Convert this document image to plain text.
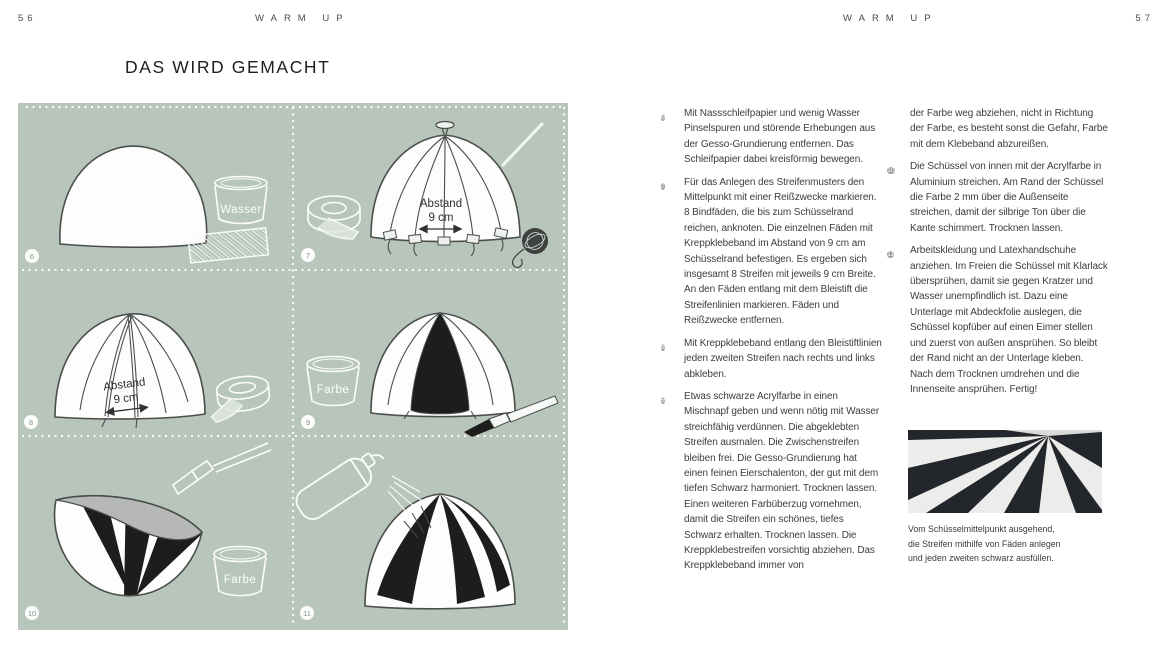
56	WARM UP	WARM UP	57
DAS WIRD GEMACHT
Wasser
6
Abstand
9 cm
7
Abstand
9 cm
8
Farbe
9
Farbe
10	11
6	Mit Nassschleifpapier und wenig Wasser Pinselspuren und störende Erhebungen aus der Gesso-Grundierung entfernen. Das Schleifpapier dabei kreisförmig bewegen.
7	Für das Anlegen des Streifenmusters den Mittelpunkt mit einer Reißzwecke markieren. 8 Bindfäden, die bis zum Schüsselrand reichen, anknoten. Die einzelnen Fäden mit Kreppklebeband im Abstand von 9 cm am Schüsselrand befestigen. Es ergeben sich insgesamt 8 Streifen mit jeweils 9 cm Breite. An den Fäden entlang mit dem Bleistift die Streifenlinien markieren. Fäden und Reißzwecke entfernen.
8	Mit Kreppklebeband entlang den Bleistiftlinien jeden zweiten Streifen nach rechts und links abkleben.
9	Etwas schwarze Acrylfarbe in einen Mischnapf geben und wenn nötig mit Wasser streichfähig verdünnen. Die abgeklebten Streifen ausmalen. Die Zwischenstreifen bleiben frei. Die Gesso-Grundierung hat einen feinen Eierschalenton, der gut mit dem tiefen Schwarz harmoniert. Trocknen lassen. Einen weiteren Farbüberzug vornehmen, damit die Streifen ein schönes, tiefes Schwarz erhalten. Trocknen lassen. Die Kreppklebestreifen vorsichtig abziehen. Das Kreppklebeband immer von
der Farbe weg abziehen, nicht in Richtung der Farbe, es besteht sonst die Gefahr, Farbe mit dem Klebeband abzureißen.
10	Die Schüssel von innen mit der Acrylfarbe in Aluminium streichen. Am Rand der Schüssel die Farbe 2 mm über die Außenseite streichen, damit der silbrige Ton über die Kante schimmert. Trocknen lassen.
11	Arbeitskleidung und Latexhandschuhe anziehen. Im Freien die Schüssel mit Klarlack übersprühen, damit sie gegen Kratzer und Wasser unempfindlich ist. Dazu eine Unterlage mit Abdeckfolie auslegen, die Schüssel kopfüber auf einen Eimer stellen und zuerst von außen ansprühen. So bleibt der Rand nicht an der Unterlage kleben. Nach dem Trocknen umdrehen und die Innenseite ansprühen. Fertig!
Vom Schüsselmittelpunkt ausgehend,
die Streifen mithilfe von Fäden anlegen
und jeden zweiten schwarz ausfüllen.
